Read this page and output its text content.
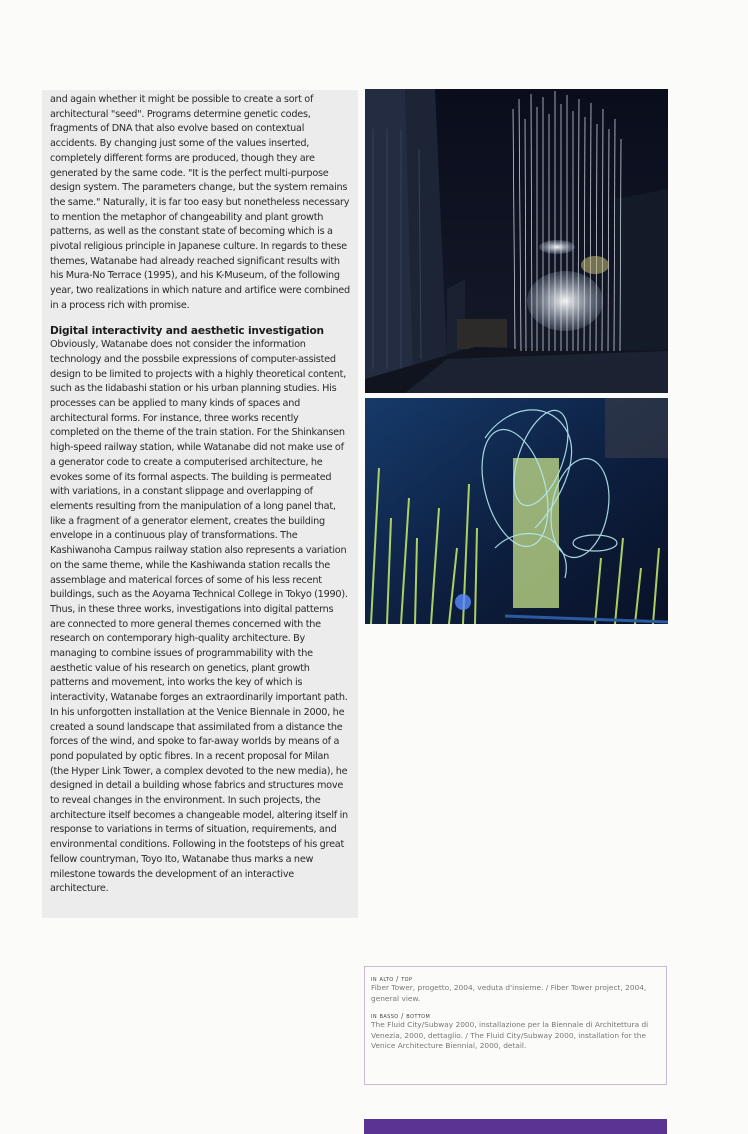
and again whether it might be possible to create a sort of architectural "seed". Programs determine genetic codes, fragments of DNA that also evolve based on contextual accidents. By changing just some of the values inserted, completely different forms are produced, though they are generated by the same code. "It is the perfect multi-purpose design system. The parameters change, but the system remains the same." Naturally, it is far too easy but nonetheless necessary to mention the metaphor of changeability and plant growth patterns, as well as the constant state of becoming which is a pivotal religious principle in Japanese culture. In regards to these themes, Watanabe had already reached significant results with his Mura-No Terrace (1995), and his K-Museum, of the following year, two realizations in which nature and artifice were combined in a process rich with promise.

Digital interactivity and aesthetic investigation

Obviously, Watanabe does not consider the information technology and the possbile expressions of computer-assisted design to be limited to projects with a highly theoretical content, such as the Iidabashi station or his urban planning studies. His processes can be applied to many kinds of spaces and architectural forms. For instance, three works recently completed on the theme of the train station. For the Shinkansen high-speed railway station, while Watanabe did not make use of a generator code to create a computerised architecture, he evokes some of its formal aspects. The building is permeated with variations, in a constant slippage and overlapping of elements resulting from the manipulation of a long panel that, like a fragment of a generator element, creates the building envelope in a continuous play of transformations. The Kashiwanoha Campus railway station also represents a variation on the same theme, while the Kashiwanda station recalls the assemblage and materical forces of some of his less recent buildings, such as the Aoyama Technical College in Tokyo (1990). Thus, in these three works, investigations into digital patterns are connected to more general themes concerned with the research on contemporary high-quality architecture. By managing to combine issues of programmability with the aesthetic value of his research on genetics, plant growth patterns and movement, into works the key of which is interactivity, Watanabe forges an extraordinarily important path. In his unforgotten installation at the Venice Biennale in 2000, he created a sound landscape that assimilated from a distance the forces of the wind, and spoke to far-away worlds by means of a pond populated by optic fibres. In a recent proposal for Milan (the Hyper Link Tower, a complex devoted to the new media), he designed in detail a building whose fabrics and structures move to reveal changes in the environment. In such projects, the architecture itself becomes a changeable model, altering itself in response to variations in terms of situation, requirements, and environmental conditions. Following in the footsteps of his great fellow countryman, Toyo Ito, Watanabe thus marks a new milestone towards the development of an interactive architecture.

in alto / top

Fiber Tower, progetto, 2004, veduta d'insieme. / Fiber Tower project, 2004, general view.

in basso / bottom

The Fluid City/Subway 2000, installazione per la Biennale di Architettura di Venezia, 2000, dettaglio. / The Fluid City/Subway 2000, installation for the Venice Architecture Biennial, 2000, detail.
